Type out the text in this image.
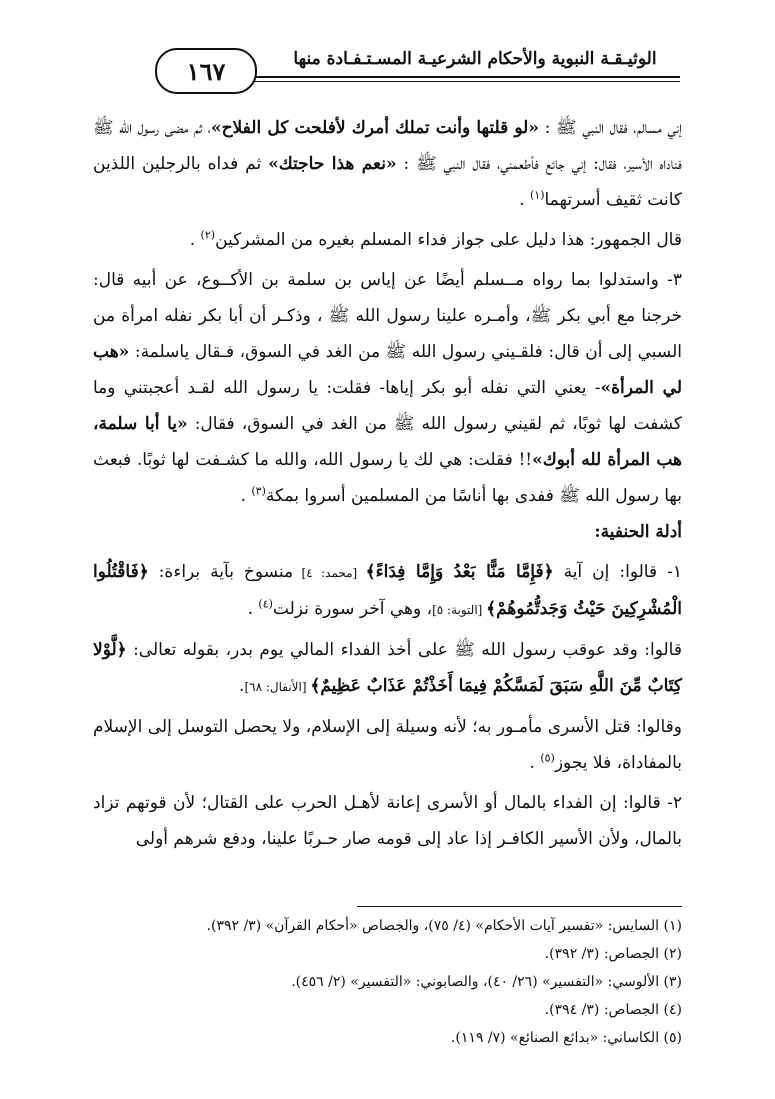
الوثيـقـة النبوية والأحكام الشرعيـة المسـتـفـادة منها
١٦٧

إني مسالم، فقال النبي ﷺ : «لو قلتها وأنت تملك أمرك لأفلحت كل الفلاح»، ثم مضى رسول الله ﷺ فناداه الأسير، فقال: إني جائع فأطعمني، فقال النبي ﷺ : «نعم هذا حاجتك» ثم فداه بالرجلين اللذين كانت ثقيف أسرتهما$^{(١)}$ .

قال الجمهور: هذا دليل على جواز فداء المسلم بغيره من المشركين$^{(٢)}$ .

٣- واستدلوا بما رواه مــسلم أيضًا عن إياس بن سلمة بن الأكــوع، عن أبيه قال: خرجنا مع أبي بكر ﷺ، وأمـره علينا رسول الله ﷺ ، وذكـر أن أبا بكر نفله امرأة من السبي إلى أن قال: فلقـيني رسول الله ﷺ من الغد في السوق، فـقال ياسلمة: «هب لي المرأة»- يعني التي نفله أبو بكر إياها- فقلت: يا رسول الله لقـد أعجبتني وما كشفت لها ثوبًا، ثم لقيني رسول الله ﷺ من الغد في السوق، فقال: «يا أبا سلمة، هب المرأة لله أبوك»!! فقلت: هي لك يا رسول الله، والله ما كشـفت لها ثوبًا. فبعث بها رسول الله ﷺ ففدى بها أناسًا من المسلمين أسروا بمكة$^{(٣)}$ .

أدلة الحنفية:

١- قالوا: إن آية ﴿فَإِمَّا مَنًّا بَعْدُ وَإِمَّا فِدَاءً﴾ [محمد: ٤] منسوخ بآية براءة: ﴿فَاقْتُلُوا الْمُشْرِكِينَ حَيْثُ وَجَدتُّمُوهُمْ﴾ [التوبة: ٥]، وهي آخر سورة نزلت$^{(٤)}$ .

قالوا: وقد عوقب رسول الله ﷺ على أخذ الفداء المالي يوم بدر، بقوله تعالى: ﴿لَّوْلا كِتَابٌ مِّنَ اللَّهِ سَبَقَ لَمَسَّكُمْ فِيمَا أَخَذْتُمْ عَذَابٌ عَظِيمٌ﴾ [الأنفال: ٦٨].

وقالوا: قتل الأسرى مأمـور به؛ لأنه وسيلة إلى الإسلام، ولا يحصل التوسل إلى الإسلام بالمفاداة، فلا يجوز$^{(٥)}$ .

٢- قالوا: إن الفداء بالمال أو الأسرى إعانة لأهـل الحرب على القتال؛ لأن قوتهم تزاد بالمال، ولأن الأسير الكافـر إذا عاد إلى قومه صار حـربًا علينا، ودفع شرهم أولى

(١) السايس: «تفسير آيات الأحكام» (٤/ ٧٥)، والجصاص «أحكام القرآن» (٣/ ٣٩٢).
(٢) الجصاص: (٣/ ٣٩٢).
(٣) الألوسي: «التفسير» (٢٦/ ٤٠)، والصابوني: «التفسير» (٢/ ٤٥٦).
(٤) الجصاص: (٣/ ٣٩٤).
(٥) الكاساني: «بدائع الصنائع» (٧/ ١١٩).
